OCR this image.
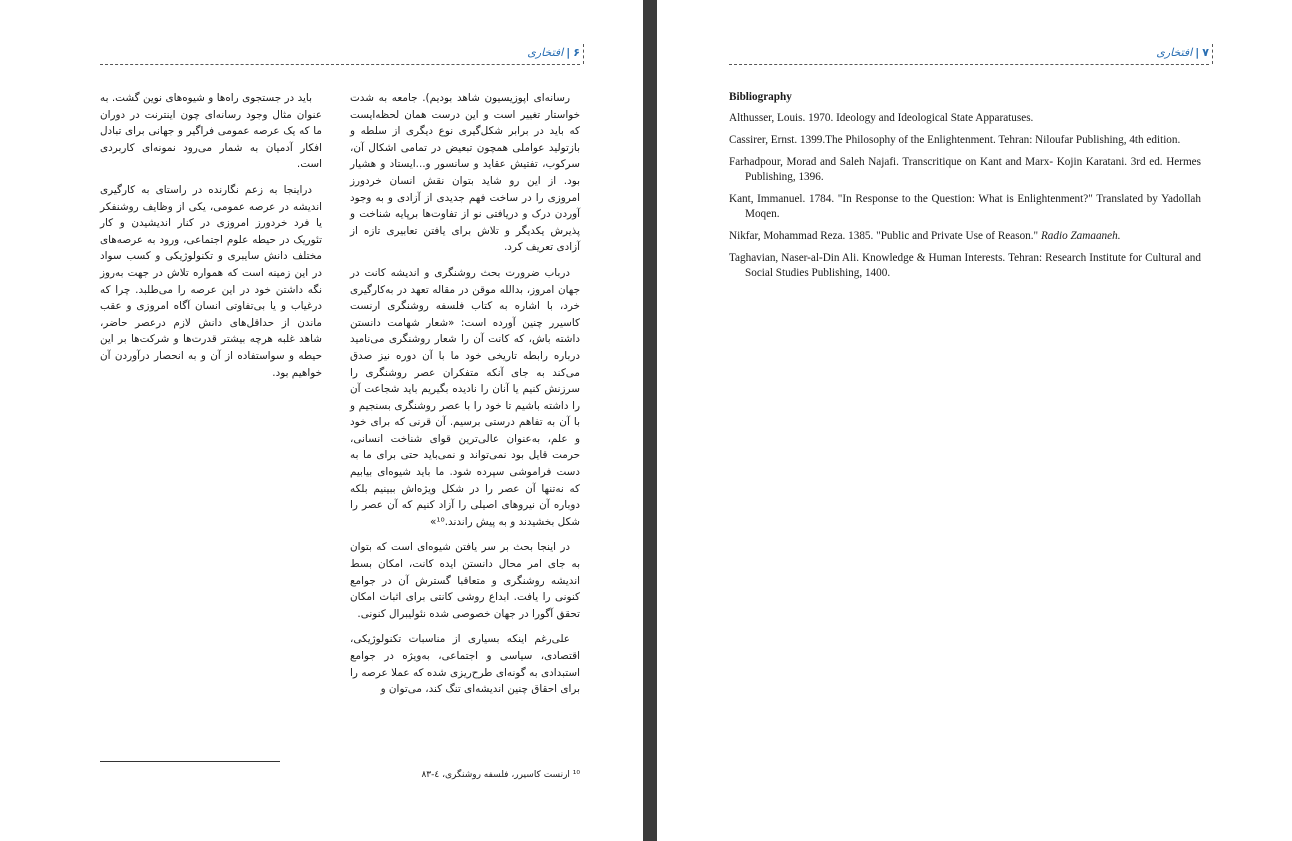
۶|افتخاری

رسانه‌ای اپوزیسیون شاهد بودیم). جامعه به شدت خواستار تغییر است و این درست همان لحظه‌ایست که باید در برابر شکل‌گیری نوع دیگری از سلطه و بازتولید عواملی همچون تبعیض در تمامی اشکال آن، سرکوب، تفتیش عقاید و سانسور و...ایستاد و هشیار بود. از این رو شاید بتوان نقش انسان خردورز امروزی را در ساخت فهم جدیدی از آزادی و به وجود آوردن درک و دریافتی نو از تفاوت‌ها برپایه شناخت و پذیرش یکدیگر و تلاش برای یافتن تعابیری تازه از آزادی تعریف کرد.

درباب ضرورت بحث روشنگری و اندیشه کانت در جهان امروز، بدالله موقن در مقاله تعهد در به‌کارگیری خرد، با اشاره به کتاب فلسفه روشنگری ارنست کاسیرر چنین آورده است: «شعار شهامت دانستن داشته باش، که کانت آن را شعار روشنگری می‌نامید درباره رابطه تاریخی خود ما با آن دوره نیز صدق می‌کند به جای آنکه متفکران عصر روشنگری را سرزنش کنیم یا آنان را نادیده بگیریم باید شجاعت آن را داشته باشیم تا خود را با عصر روشنگری بسنجیم و با آن به تفاهم درستی برسیم. آن قرنی که برای خود و علم، به‌عنوان عالی‌ترین قوای شناخت انسانی، حرمت قایل بود نمی‌تواند و نمی‌باید حتی برای ما به دست فراموشی سپرده شود. ما باید شیوه‌ای بیابیم که نه‌تنها آن عصر را در شکل ویژه‌اش ببینیم بلکه دوباره آن نیروهای اصیلی را آزاد کنیم که آن عصر را شکل بخشیدند و به پیش راندند.¹⁰»

در اینجا بحث بر سر یافتن شیوه‌ای است که بتوان به جای امر محال دانستن ایده کانت، امکان بسط اندیشه روشنگری و متعاقبا گسترش آن در جوامع کنونی را یافت. ابداع روشی کانتی برای اثبات امکان تحقق آگورا در جهان خصوصی شده نئولیبرال کنونی.

علی‌رغم اینکه بسیاری از مناسبات تکنولوژیکی، اقتصادی، سیاسی و اجتماعی، به‌ویژه در جوامع استبدادی به گونه‌ای طرح‌ریزی شده که عملا عرصه را برای احقاق چنین اندیشه‌ای تنگ کند، می‌توان و

باید در جستجوی راه‌ها و شیوه‌های نوین گشت. به عنوان مثال وجود رسانه‌ای چون اینترنت در دوران ما که یک عرصه عمومی فراگیر و جهانی برای تبادل افکار آدمیان به شمار می‌رود نمونه‌ای کاربردی است.

دراینجا به زعم نگارنده در راستای به کارگیری اندیشه در عرصه عمومی، یکی از وظایف روشنفکر یا فرد خردورز امروزی در کنار اندیشیدن و کار تئوریک در حیطه علوم اجتماعی، ورود به عرصه‌های مختلف دانش سایبری و تکنولوژیکی و کسب سواد در این زمینه است که همواره تلاش در جهت به‌روز نگه داشتن خود در این عرصه را می‌طلبد. چرا که درغیاب و یا بی‌تفاوتی انسان آگاه امروزی و عقب ماندن از حداقل‌های دانش لازم درعصر حاضر، شاهد غلبه هرچه بیشتر قدرت‌ها و شرکت‌ها بر این حیطه و سواستفاده از آن و به انحصار درآوردن آن خواهیم بود.

¹⁰ ارنست کاسیرر، فلسفه روشنگری، ٤-٨٣
۷|افتخاری
Bibliography
Althusser, Louis. 1970. Ideology and Ideological State Apparatuses.
Cassirer, Ernst. 1399.The Philosophy of the Enlightenment. Tehran: Niloufar Publishing, 4th edition.
Farhadpour, Morad and Saleh Najafi. Transcritique on Kant and Marx- Kojin Karatani. 3rd ed. Hermes Publishing, 1396.
Kant, Immanuel. 1784. "In Response to the Question: What is Enlightenment?" Translated by Yadollah Moqen.
Nikfar, Mohammad Reza. 1385. "Public and Private Use of Reason." Radio Zamaaneh.
Taghavian, Naser-al-Din Ali. Knowledge & Human Interests. Tehran: Research Institute for Cultural and Social Studies Publishing, 1400.
